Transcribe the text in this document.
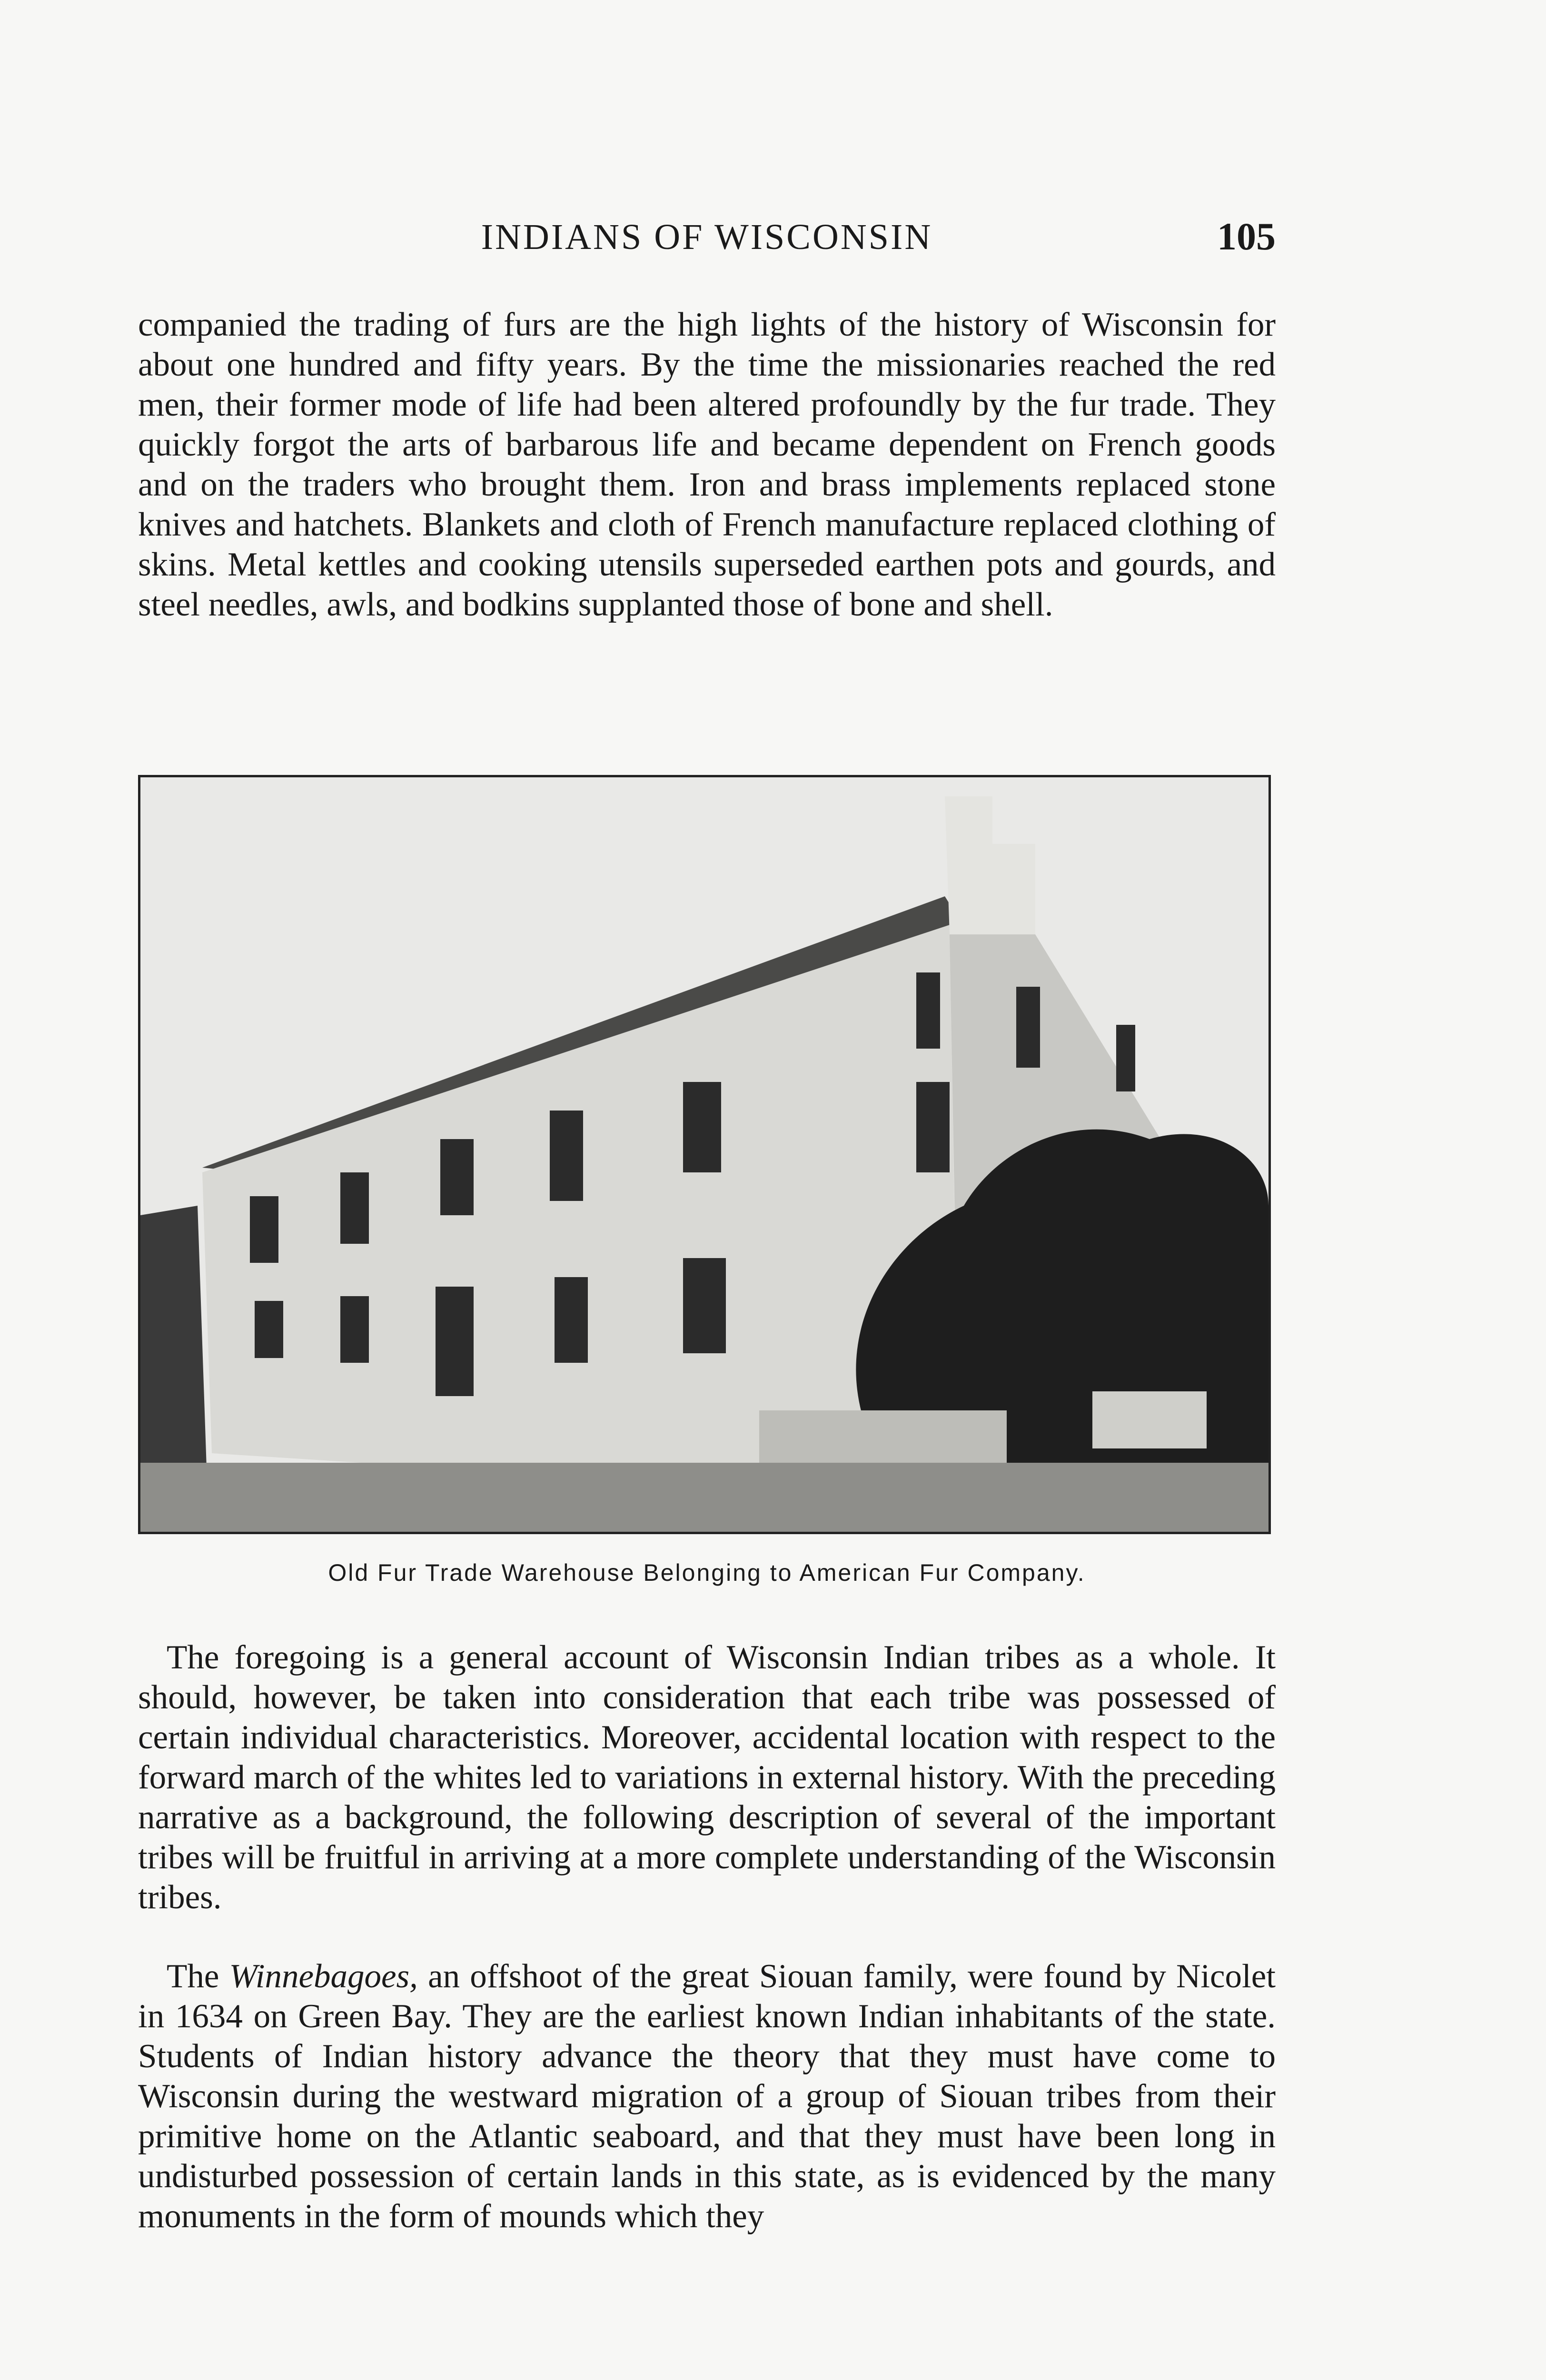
INDIANS OF WISCONSIN	105

companied the trading of furs are the high lights of the history of Wisconsin for about one hundred and fifty years. By the time the missionaries reached the red men, their former mode of life had been altered profoundly by the fur trade. They quickly forgot the arts of barbarous life and became dependent on French goods and on the traders who brought them. Iron and brass implements replaced stone knives and hatchets. Blankets and cloth of French manufacture replaced clothing of skins. Metal kettles and cooking utensils superseded earthen pots and gourds, and steel needles, awls, and bodkins supplanted those of bone and shell.

Old Fur Trade Warehouse Belonging to American Fur Company.

The foregoing is a general account of Wisconsin Indian tribes as a whole. It should, however, be taken into consideration that each tribe was possessed of certain individual characteristics. Moreover, accidental location with respect to the forward march of the whites led to variations in external history. With the preceding narrative as a background, the following description of several of the important tribes will be fruitful in arriving at a more complete understanding of the Wisconsin tribes.

The Winnebagoes, an offshoot of the great Siouan family, were found by Nicolet in 1634 on Green Bay. They are the earliest known Indian inhabitants of the state. Students of Indian history advance the theory that they must have come to Wisconsin during the westward migration of a group of Siouan tribes from their primitive home on the Atlantic seaboard, and that they must have been long in undisturbed possession of certain lands in this state, as is evidenced by the many monuments in the form of mounds which they
